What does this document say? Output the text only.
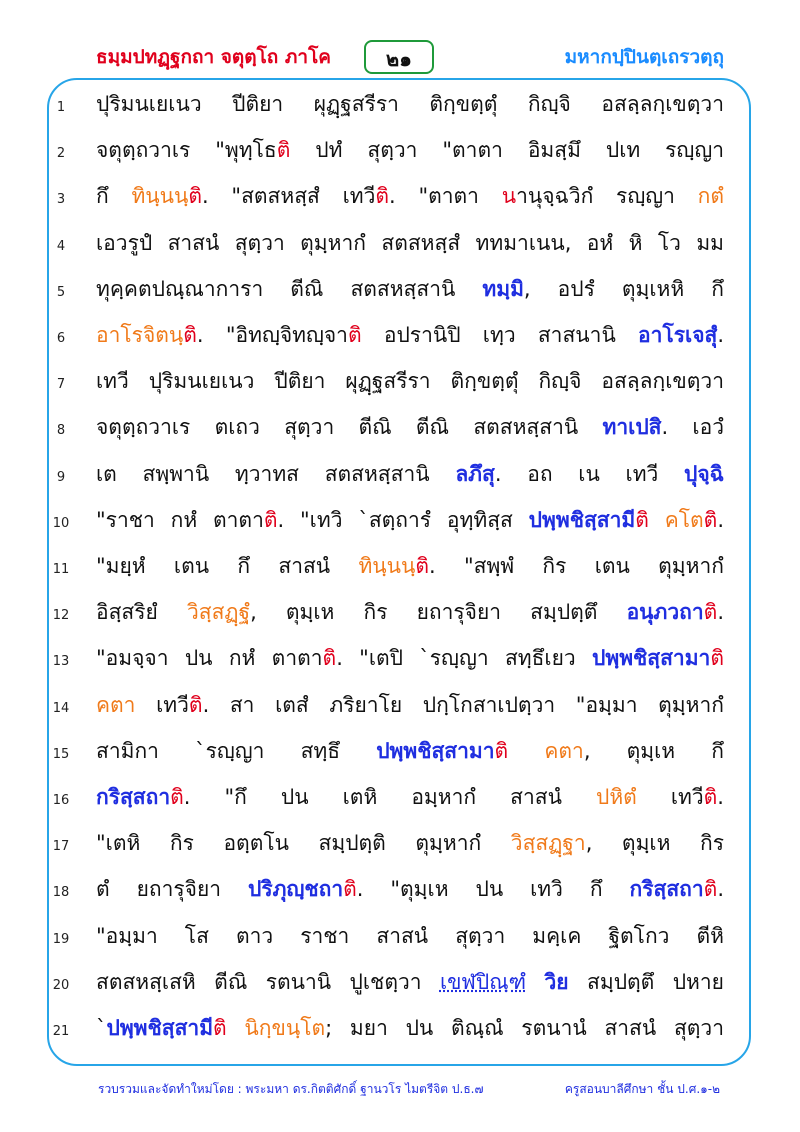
ธมฺมปทฏฺฐกถา จตุตฺโถ ภาโค	๒๑	มหากปฺปินตฺเถรวตฺถุ
1	ปุริมนเยเนว ปีติยา ผุฏฺฐสรีรา ติกฺขตฺตุํ กิญฺจิ อสลฺลกฺเขตฺวา
2	จตุตฺถวาเร "พุทฺโธติ ปทํ สุตฺวา "ตาตา อิมสฺมึ ปเท รญฺญา
3	กึ ทินฺนนฺติ. "สตสหสฺสํ เทวีติ. "ตาตา นานุจฺฉวิกํ รญฺญา กตํ
4	เอวรูปํ สาสนํ สุตฺวา ตุมฺหากํ สตสหสฺสํ ททมาเนน, อหํ หิ โว มม
5	ทุคฺคตปณฺณาการา ตีณิ สตสหสฺสานิ ทมฺมิ, อปรํ ตุมฺเหหิ กึ
6	อาโรจิตนฺติ. "อิทญฺจิทญฺจาติ อปรานิปิ เทฺว สาสนานิ อาโรเจสุํ.
7	เทวี ปุริมนเยเนว ปีติยา ผุฏฺฐสรีรา ติกฺขตฺตุํ กิญฺจิ อสลฺลกฺเขตฺวา
8	จตุตฺถวาเร ตเถว สุตฺวา ตีณิ ตีณิ สตสหสฺสานิ ทาเปสิ. เอวํ
9	เต สพฺพานิ ทฺวาทส สตสหสฺสานิ ลภึสุ. อถ เน เทวี ปุจฺฉิ
10	"ราชา กหํ ตาตาติ. "เทวิ `สตฺถารํ อุทฺทิสฺส ปพฺพชิสฺสามีติ คโตติ.
11	"มยฺหํ เตน กึ สาสนํ ทินฺนนฺติ. "สพฺพํ กิร เตน ตุมฺหากํ
12	อิสฺสริยํ วิสฺสฏฺฐํ, ตุมฺเห กิร ยถารุจิยา สมฺปตฺตึ อนุภวถาติ.
13	"อมจฺจา ปน กหํ ตาตาติ. "เตปิ `รญฺญา สทฺธึเยว ปพฺพชิสฺสามาติ
14	คตา เทวีติ. สา เตสํ ภริยาโย ปกฺโกสาเปตฺวา "อมฺมา ตุมฺหากํ
15	สามิกา `รญฺญา สทฺธึ ปพฺพชิสฺสามาติ คตา, ตุมฺเห กึ
16	กริสฺสถาติ. "กึ ปน เตหิ อมฺหากํ สาสนํ ปหิตํ เทวีติ.
17	"เตหิ กิร อตฺตโน สมฺปตฺติ ตุมฺหากํ วิสฺสฏฺฐา, ตุมฺเห กิร
18	ตํ ยถารุจิยา ปริภุญฺชถาติ. "ตุมฺเห ปน เทวิ กึ กริสฺสถาติ.
19	"อมฺมา โส ตาว ราชา สาสนํ สุตฺวา มคฺเค ฐิตโกว ตีหิ
20	สตสหสฺเสหิ ตีณิ รตนานิ ปูเชตฺวา เขฬปิณฺฑํ วิย สมฺปตฺตึ ปหาย
21	`ปพฺพชิสฺสามีติ นิกฺขนฺโต; มยา ปน ติณฺณํ รตนานํ สาสนํ สุตฺวา
รวบรวมและจัดทำใหม่โดย : พระมหา ดร.กิตติศักดิ์ ฐานวโร ไมตรีจิต ป.ธ.๗	ครูสอนบาลีศึกษา ชั้น ป.ศ.๑-๒
